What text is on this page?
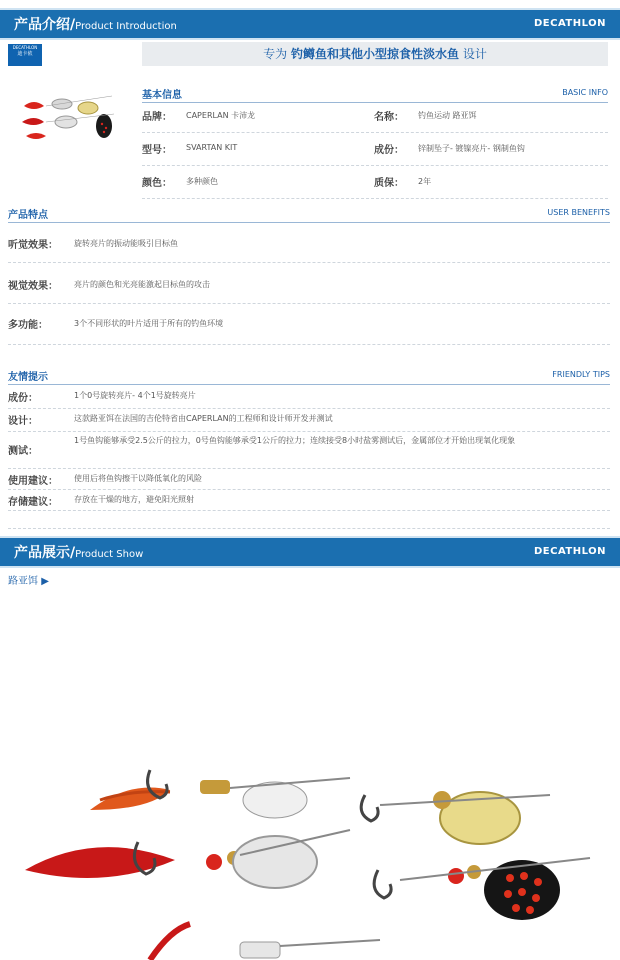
产品介绍/Product Introduction	DECATHLON
DECATHLON
迪卡侬	专为 钓鳟鱼和其他小型掠食性淡水鱼 设计
基本信息	BASIC INFO
品牌： CAPERLAN 卡沛龙	名称： 钓鱼运动 路亚饵
型号： SVARTAN KIT	成份： 锌制坠子- 镀镍亮片- 钢制鱼钩
颜色： 多种颜色	质保： 2年
产品特点	USER BENEFITS
听觉效果： 旋转亮片的振动能吸引目标鱼
视觉效果： 亮片的颜色和光亮能激起目标鱼的攻击
多功能：	3个不同形状的叶片适用于所有的钓鱼环境
友情提示	FRIENDLY TIPS
成份：	1个0号旋转亮片- 4个1号旋转亮片
设计：	这款路亚饵在法国的吉伦特省由CAPERLAN的工程师和设计师开发并测试
测试：
1号鱼钩能够承受2.5公斤的拉力，0号鱼钩能够承受1公斤的拉力；连续接受8小时盐雾测试后，金属部位才开始出现氧化现象
使用建议： 使用后将鱼钩擦干以降低氧化的风险
存储建议： 存放在干燥的地方，避免阳光照射
产品展示/Product Show	DECATHLON
路亚饵 ▶
